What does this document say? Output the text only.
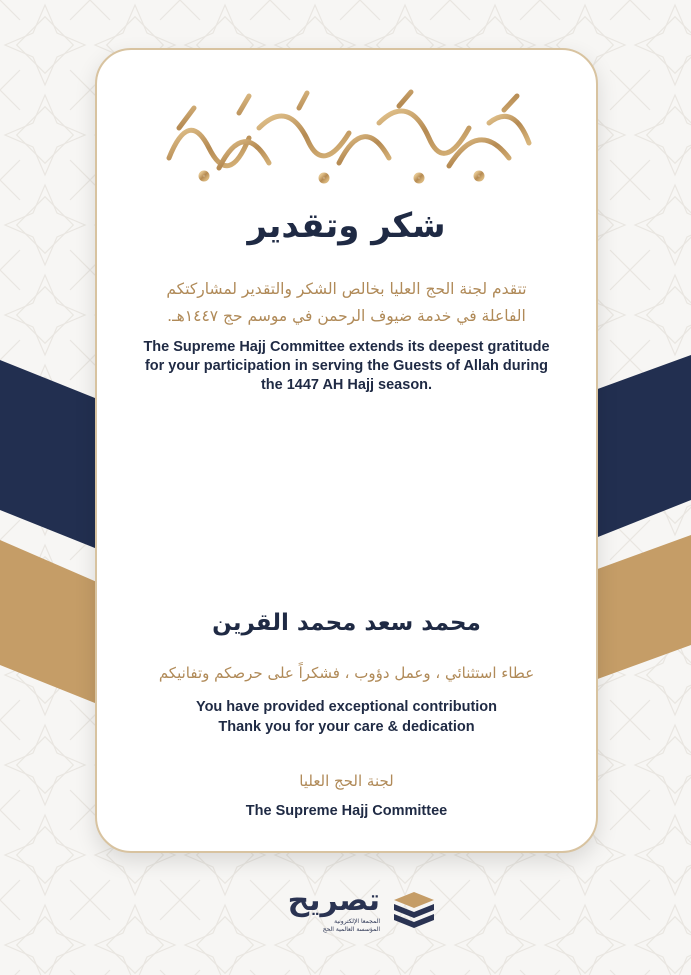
شكر وتقدير
تتقدم لجنة الحج العليا بخالص الشكر والتقدير لمشاركتكم
الفاعلة في خدمة ضيوف الرحمن في موسم حج ١٤٤٧هـ.
The Supreme Hajj Committee extends its deepest gratitude
for your participation in serving the Guests of Allah during
the 1447 AH Hajj season.
محمد سعد محمد القرين
عطاء استثنائي ، وعمل دؤوب ، فشكراً على حرصكم وتفانيكم
You have provided exceptional contribution
Thank you for your care & dedication
لجنة الحج العليا
The Supreme Hajj Committee
تصريح
المجمعا الإلكترونية
المؤسسة العالمية الحج
